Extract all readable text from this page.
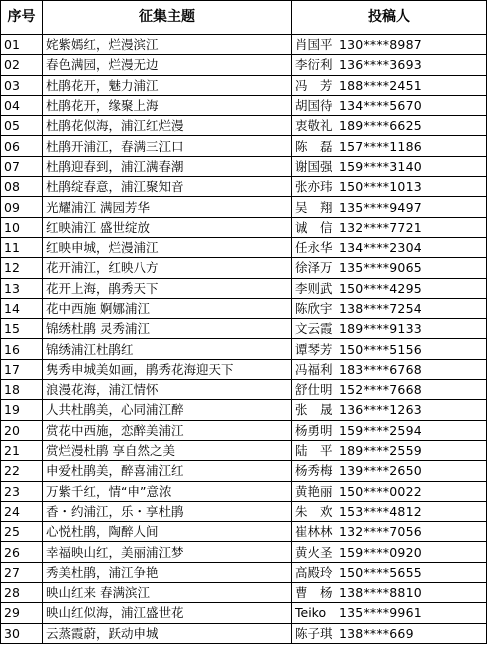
序号	征集主题	投稿人
01	姹紫嫣红，烂漫滨江	肖国平 130****8987
02	春色满园，烂漫无边	李衍利 136****3693
03	杜鹃花开，魅力浦江	冯　芳 188****2451
04	杜鹃花开，缘聚上海	胡国待 134****5670
05	杜鹃花似海，浦江红烂漫	衷敬礼 189****6625
06	杜鹃开浦江，春满三江口	陈　磊 157****1186
07	杜鹃迎春到，浦江满春潮	谢国强 159****3140
08	杜鹃绽春意，浦江聚知音	张亦玮 150****1013
09	光耀浦江 满园芳华	吴　翔 135****9497
10	红映浦江 盛世绽放	诚　信 132****7721
11	红映申城，烂漫浦江	任永华 134****2304
12	花开浦江，红映八方	徐泽万 135****9065
13	花开上海，鹃秀天下	李则武 150****4295
14	花中西施 婀娜浦江	陈欣宇 138****7254
15	锦绣杜鹃 灵秀浦江	文云霞 189****9133
16	锦绣浦江杜鹃红	谭琴芳 150****5156
17	隽秀申城美如画，鹃秀花海迎天下	冯福利 183****6768
18	浪漫花海，浦江情怀	舒仕明 152****7668
19	人共杜鹃美，心同浦江醉	张　晟 136****1263
20	赏花中西施，恋醉美浦江	杨勇明 159****2594
21	赏烂漫杜鹃 享自然之美	陆　平 189****2559
22	申爱杜鹃美，醉喜浦江红	杨秀梅 139****2650
23	万紫千红，情“申”意浓	黄艳丽 150****0022
24	香・约浦江，乐・享杜鹃	朱　欢 153****4812
25	心悦杜鹃，陶醉人间	崔林林 132****7056
26	幸福映山红，美丽浦江梦	黄火圣 159****0920
27	秀美杜鹃，浦江争艳	高殿玲 150****5655
28	映山红来 春满滨江	曹　杨 138****8810
29	映山红似海，浦江盛世花	Teiko 135****9961
30	云蒸霞蔚，跃动申城	陈子琪 138****669
